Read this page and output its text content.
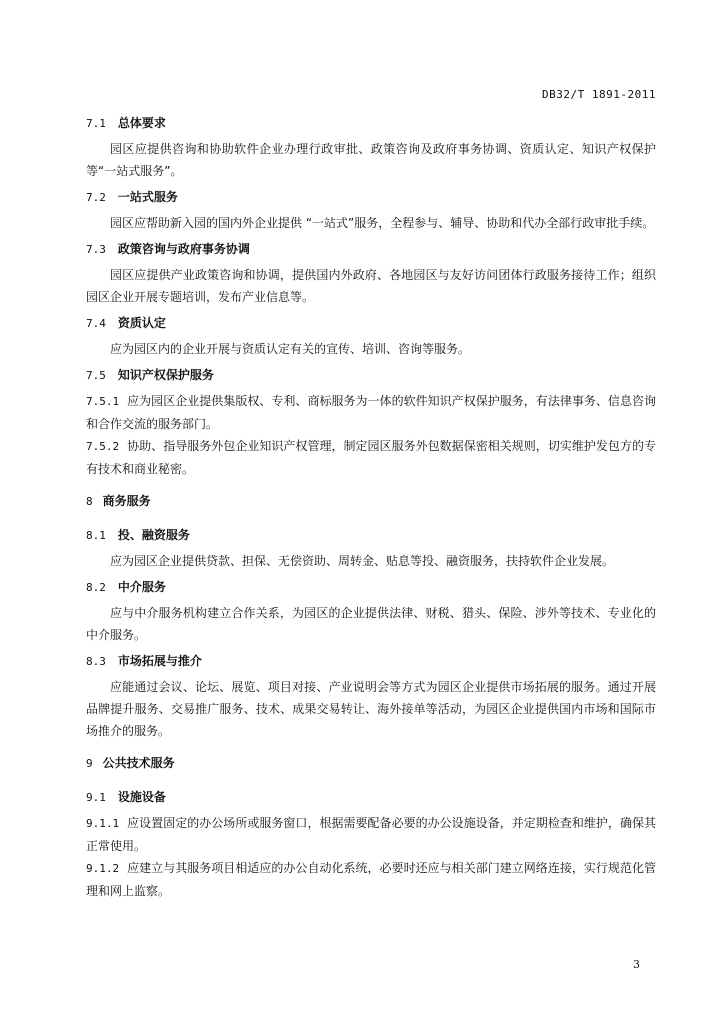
DB32/T 1891-2011
7.1 总体要求

园区应提供咨询和协助软件企业办理行政审批、政策咨询及政府事务协调、资质认定、知识产权保护等“一站式服务”。

7.2 一站式服务

园区应帮助新入园的国内外企业提供 “一站式”服务，全程参与、辅导、协助和代办全部行政审批手续。

7.3 政策咨询与政府事务协调

园区应提供产业政策咨询和协调，提供国内外政府、各地园区与友好访问团体行政服务接待工作；组织园区企业开展专题培训，发布产业信息等。

7.4 资质认定

应为园区内的企业开展与资质认定有关的宣传、培训、咨询等服务。

7.5 知识产权保护服务

7.5.1 应为园区企业提供集版权、专利、商标服务为一体的软件知识产权保护服务，有法律事务、信息咨询和合作交流的服务部门。

7.5.2 协助、指导服务外包企业知识产权管理，制定园区服务外包数据保密相关规则，切实维护发包方的专有技术和商业秘密。

8 商务服务
8.1 投、融资服务

应为园区企业提供贷款、担保、无偿资助、周转金、贴息等投、融资服务，扶持软件企业发展。

8.2 中介服务

应与中介服务机构建立合作关系，为园区的企业提供法律、财税、猎头、保险、涉外等技术、专业化的中介服务。

8.3 市场拓展与推介

应能通过会议、论坛、展览、项目对接、产业说明会等方式为园区企业提供市场拓展的服务。通过开展品牌提升服务、交易推广服务、技术、成果交易转让、海外接单等活动，为园区企业提供国内市场和国际市场推介的服务。

9 公共技术服务
9.1 设施设备

9.1.1 应设置固定的办公场所或服务窗口，根据需要配备必要的办公设施设备，并定期检查和维护，确保其正常使用。

9.1.2 应建立与其服务项目相适应的办公自动化系统，必要时还应与相关部门建立网络连接，实行规范化管理和网上监察。

3
